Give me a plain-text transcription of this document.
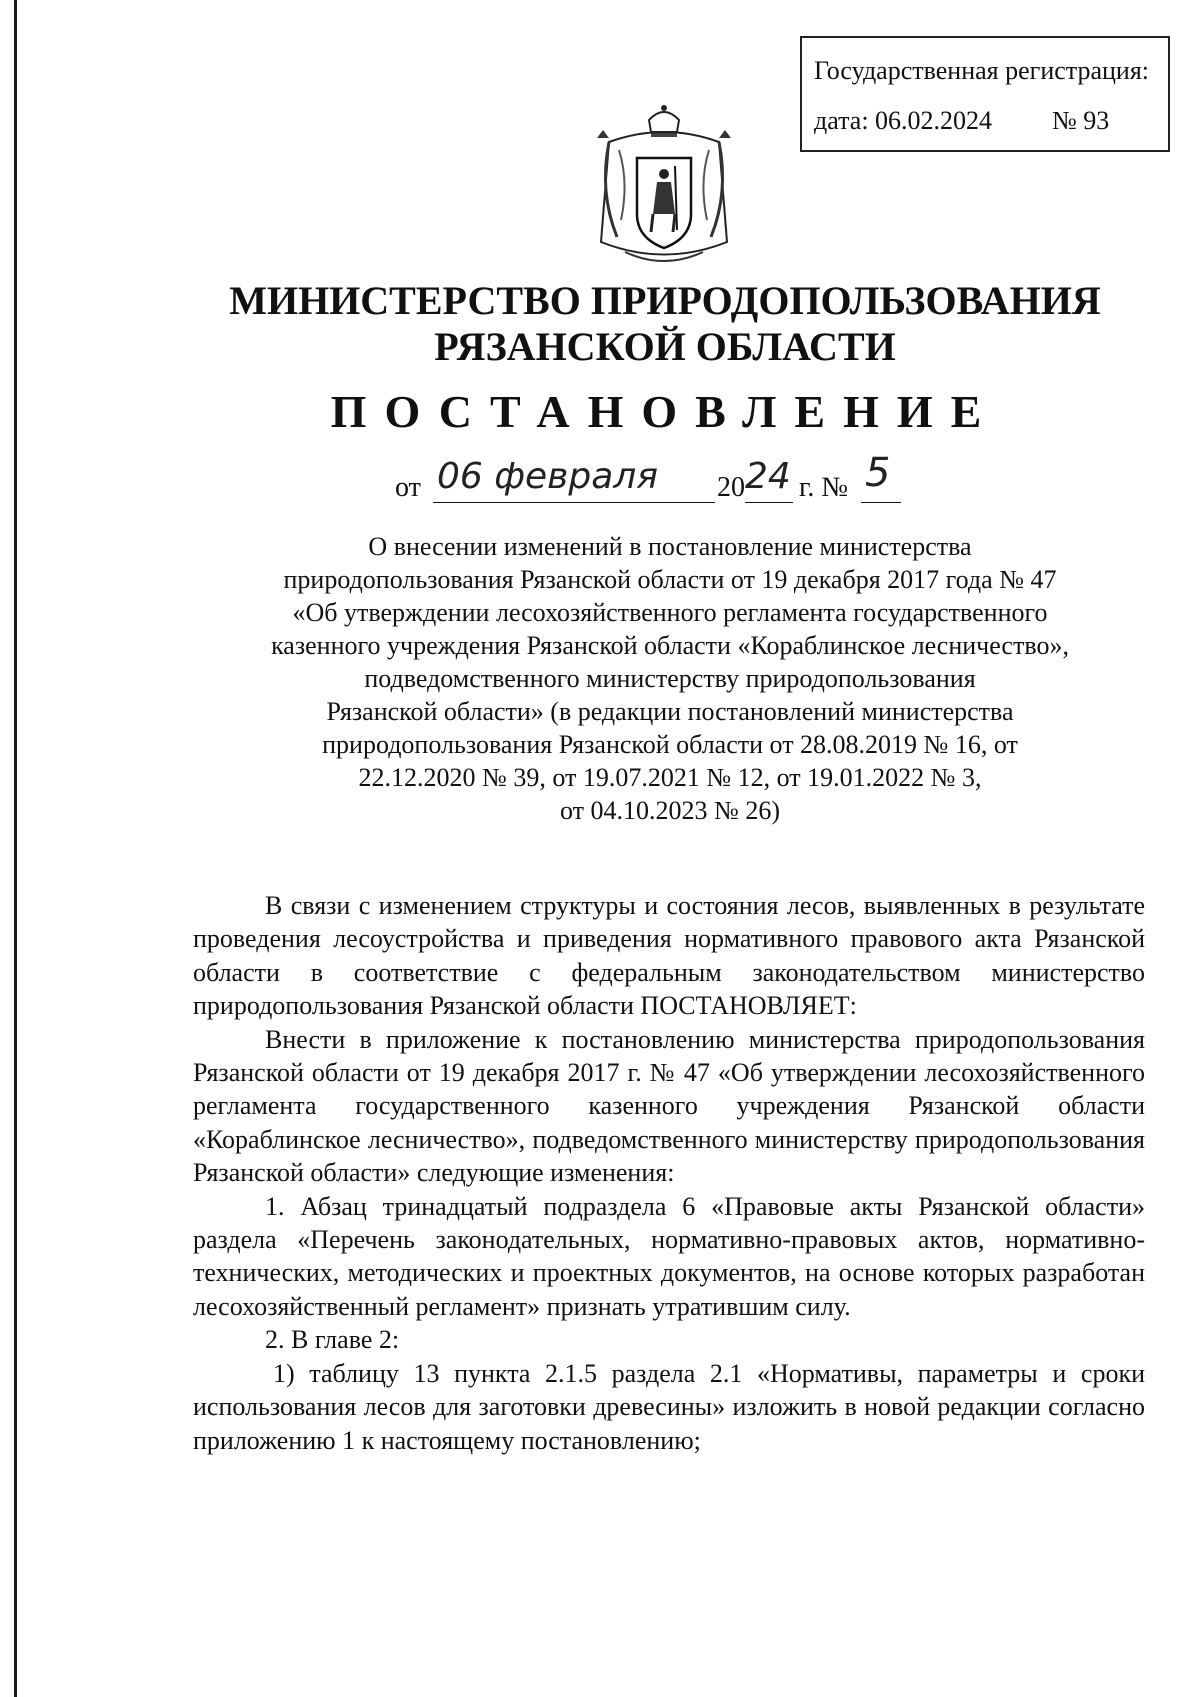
Государственная регистрация:
дата: 06.02.2024 № 93
МИНИСТЕРСТВО ПРИРОДОПОЛЬЗОВАНИЯ
РЯЗАНСКОЙ ОБЛАСТИ
ПОСТАНОВЛЕНИЕ
от 06 февраля 20 24 г. № 5
О внесении изменений в постановление министерства
природопользования Рязанской области от 19 декабря 2017 года № 47
«Об утверждении лесохозяйственного регламента государственного
казенного учреждения Рязанской области «Кораблинское лесничество»,
подведомственного министерству природопользования
Рязанской области» (в редакции постановлений министерства
природопользования Рязанской области от 28.08.2019 № 16, от
22.12.2020 № 39, от 19.07.2021 № 12, от 19.01.2022 № 3,
от 04.10.2023 № 26)

В связи с изменением структуры и состояния лесов, выявленных в результате проведения лесоустройства и приведения нормативного правового акта Рязанской области в соответствие с федеральным законодательством министерство природопользования Рязанской области ПОСТАНОВЛЯЕТ:

Внести в приложение к постановлению министерства природопользования Рязанской области от 19 декабря 2017 г. № 47 «Об утверждении лесохозяйственного регламента государственного казенного учреждения Рязанской области «Кораблинское лесничество», подведомственного министерству природопользования Рязанской области» следующие изменения:

1. Абзац тринадцатый подраздела 6 «Правовые акты Рязанской области» раздела «Перечень законодательных, нормативно-правовых актов, нормативно-технических, методических и проектных документов, на основе которых разработан лесохозяйственный регламент» признать утратившим силу.

2. В главе 2:

1) таблицу 13 пункта 2.1.5 раздела 2.1 «Нормативы, параметры и сроки использования лесов для заготовки древесины» изложить в новой редакции согласно приложению 1 к настоящему постановлению;
